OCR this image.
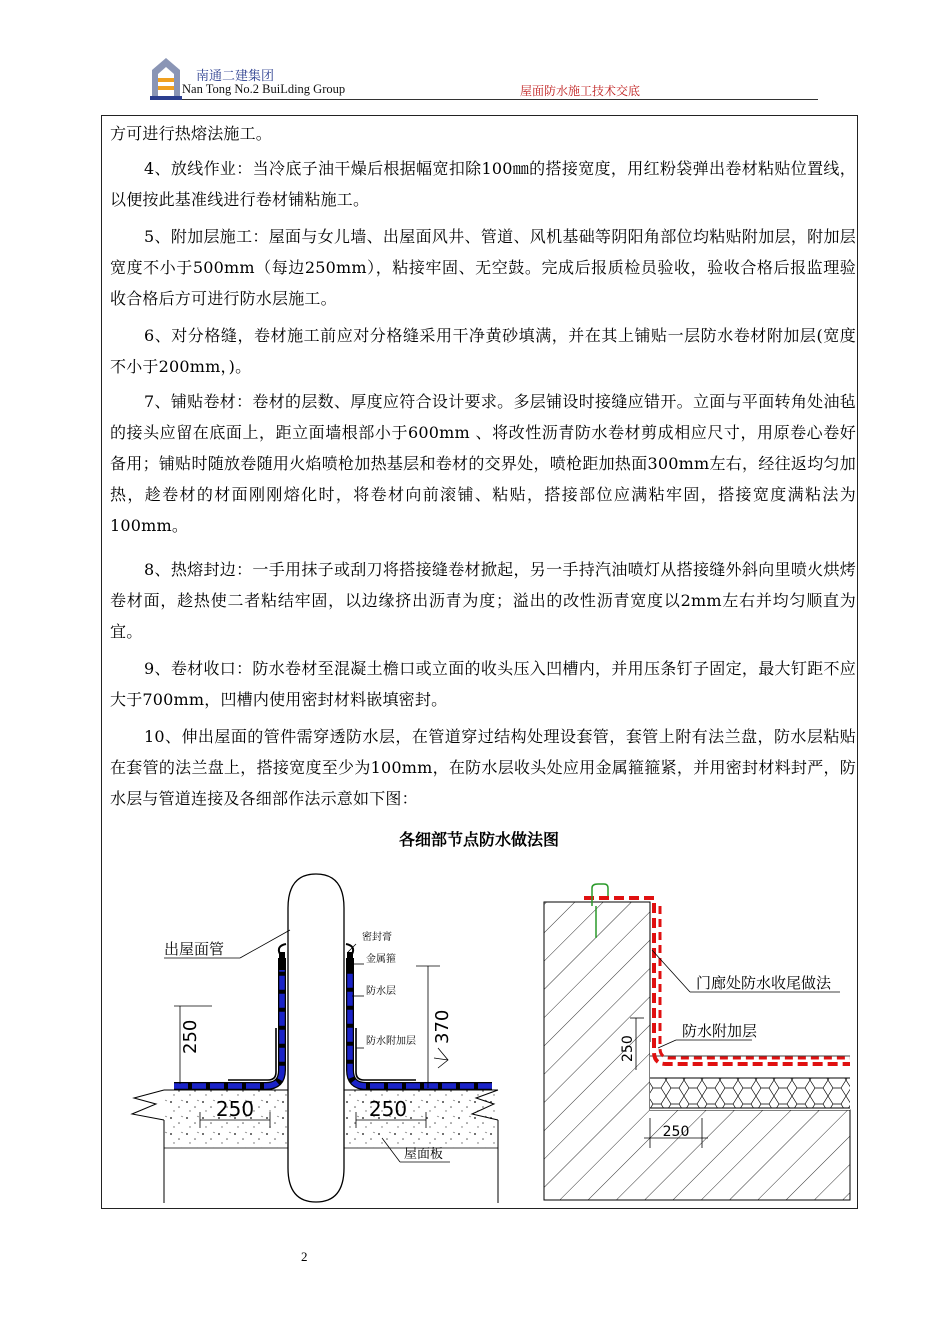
南通二建集团
Nan Tong No.2 BuiLding Group	屋面防水施工技术交底
方可进行热熔法施工。
4、放线作业：当冷底子油干燥后根据幅宽扣除100㎜的搭接宽度，用红粉袋弹出卷材粘贴位置线，以便按此基准线进行卷材铺粘施工。
5、附加层施工：屋面与女儿墙、出屋面风井、管道、风机基础等阴阳角部位均粘贴附加层，附加层宽度不小于500mm（每边250mm），粘接牢固、无空鼓。完成后报质检员验收，验收合格后报监理验收合格后方可进行防水层施工。
6、对分格缝，卷材施工前应对分格缝采用干净黄砂填满，并在其上铺贴一层防水卷材附加层(宽度不小于200mm，)。
7、铺贴卷材：卷材的层数、厚度应符合设计要求。多层铺设时接缝应错开。立面与平面转角处油毡的接头应留在底面上，距立面墙根部小于600mm 、将改性沥青防水卷材剪成相应尺寸，用原卷心卷好备用；铺贴时随放卷随用火焰喷枪加热基层和卷材的交界处，喷枪距加热面300mm左右，经往返均匀加热，趁卷材的材面刚刚熔化时，将卷材向前滚铺、粘贴，搭接部位应满粘牢固，搭接宽度满粘法为100mm。
8、热熔封边：一手用抹子或刮刀将搭接缝卷材掀起，另一手持汽油喷灯从搭接缝外斜向里喷火烘烤卷材面，趁热使二者粘结牢固，以边缘挤出沥青为度；溢出的改性沥青宽度以2mm左右并均匀顺直为宜。
9、卷材收口：防水卷材至混凝土檐口或立面的收头压入凹槽内，并用压条钉子固定，最大钉距不应大于700mm，凹槽内使用密封材料嵌填密封。
10、伸出屋面的管件需穿透防水层，在管道穿过结构处理设套管，套管上附有法兰盘，防水层粘贴在套管的法兰盘上，搭接宽度至少为100mm，在防水层收头处应用金属箍箍紧，并用密封材料封严，防水层与管道连接及各细部作法示意如下图：
各细部节点防水做法图
出屋面管
密封膏
金属箍
防水层
防水附加层
250	370
250	250
屋面板
门廊处防水收尾做法
防水附加层
250
250
2
